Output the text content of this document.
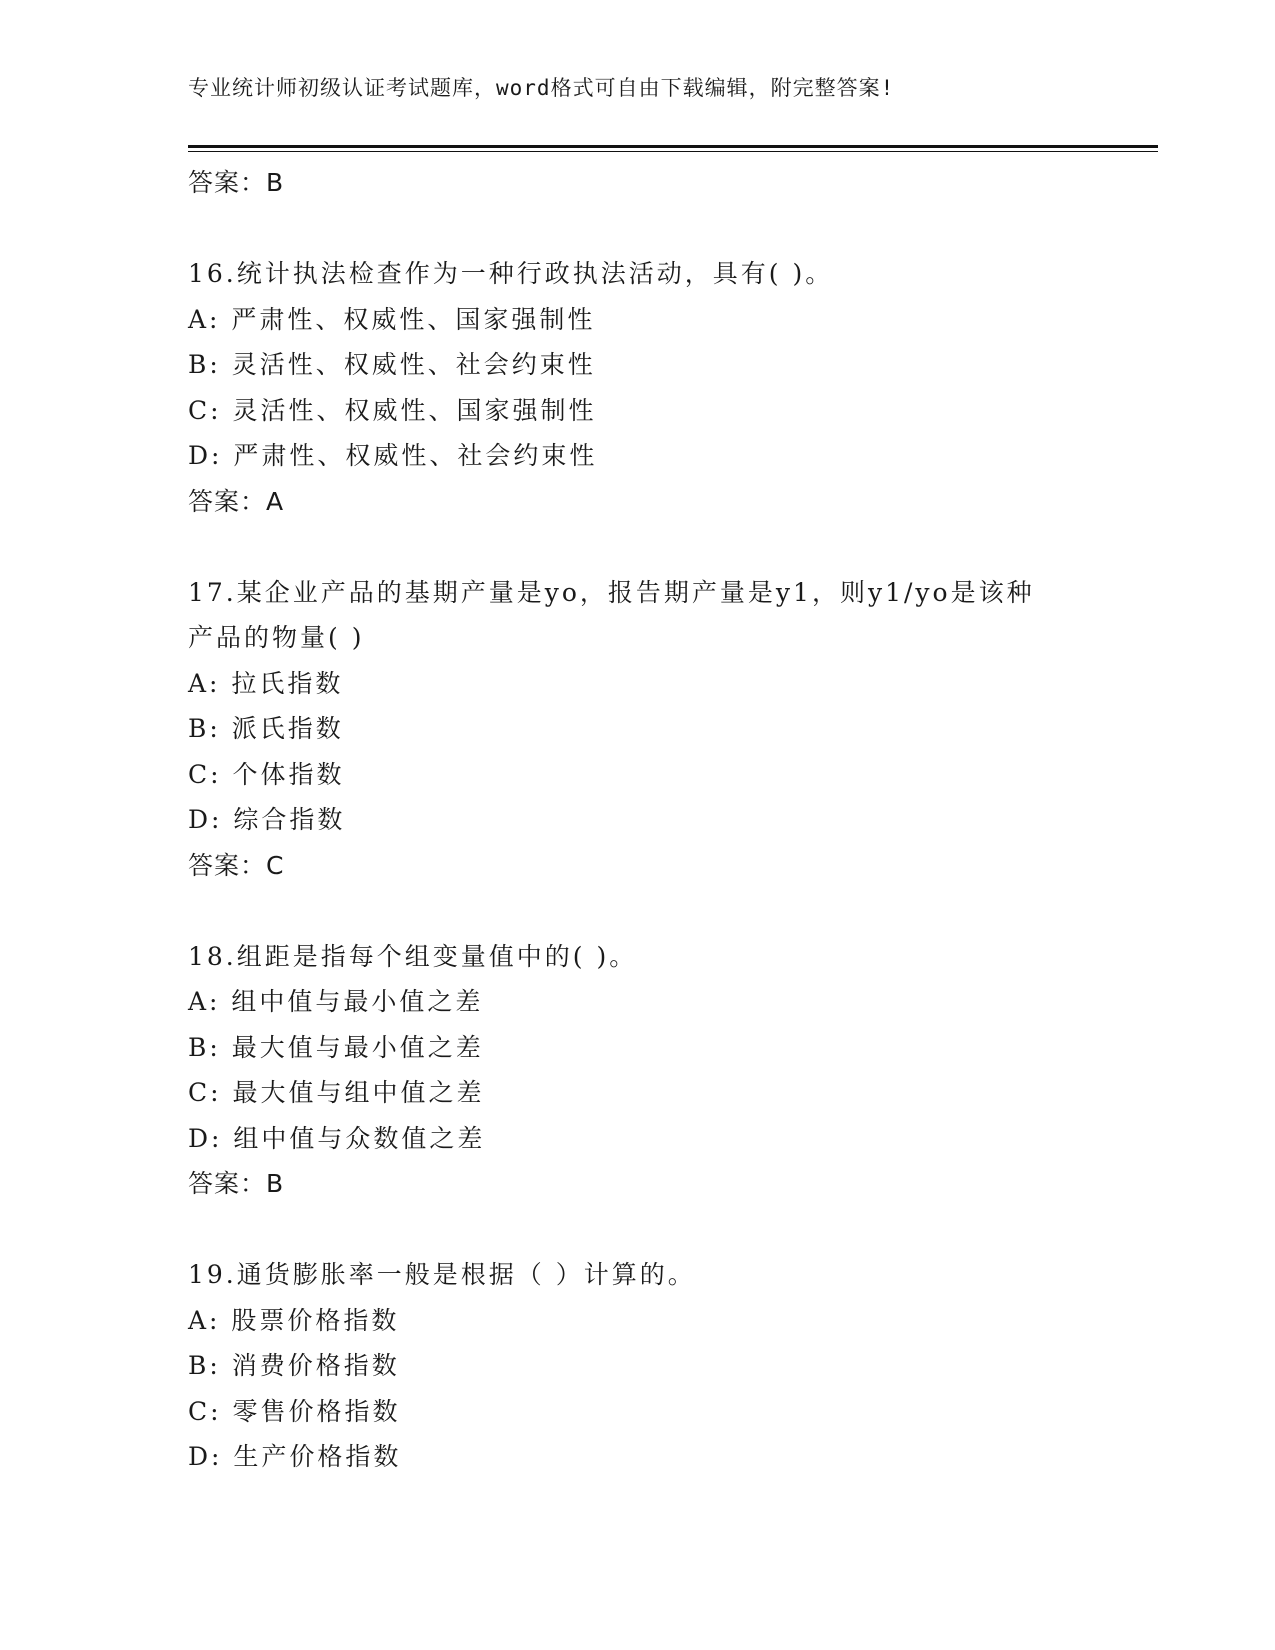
专业统计师初级认证考试题库，word格式可自由下载编辑，附完整答案!
答案：B
16.统计执法检查作为一种行政执法活动，具有( )。
A: 严肃性、权威性、国家强制性
B: 灵活性、权威性、社会约束性
C: 灵活性、权威性、国家强制性
D: 严肃性、权威性、社会约束性
答案：A
17.某企业产品的基期产量是yo，报告期产量是y1，则y1/yo是该种
产品的物量( )
A: 拉氏指数
B: 派氏指数
C: 个体指数
D: 综合指数
答案：C
18.组距是指每个组变量值中的( )。
A: 组中值与最小值之差
B: 最大值与最小值之差
C: 最大值与组中值之差
D: 组中值与众数值之差
答案：B
19.通货膨胀率一般是根据（ ）计算的。
A: 股票价格指数
B: 消费价格指数
C: 零售价格指数
D: 生产价格指数
